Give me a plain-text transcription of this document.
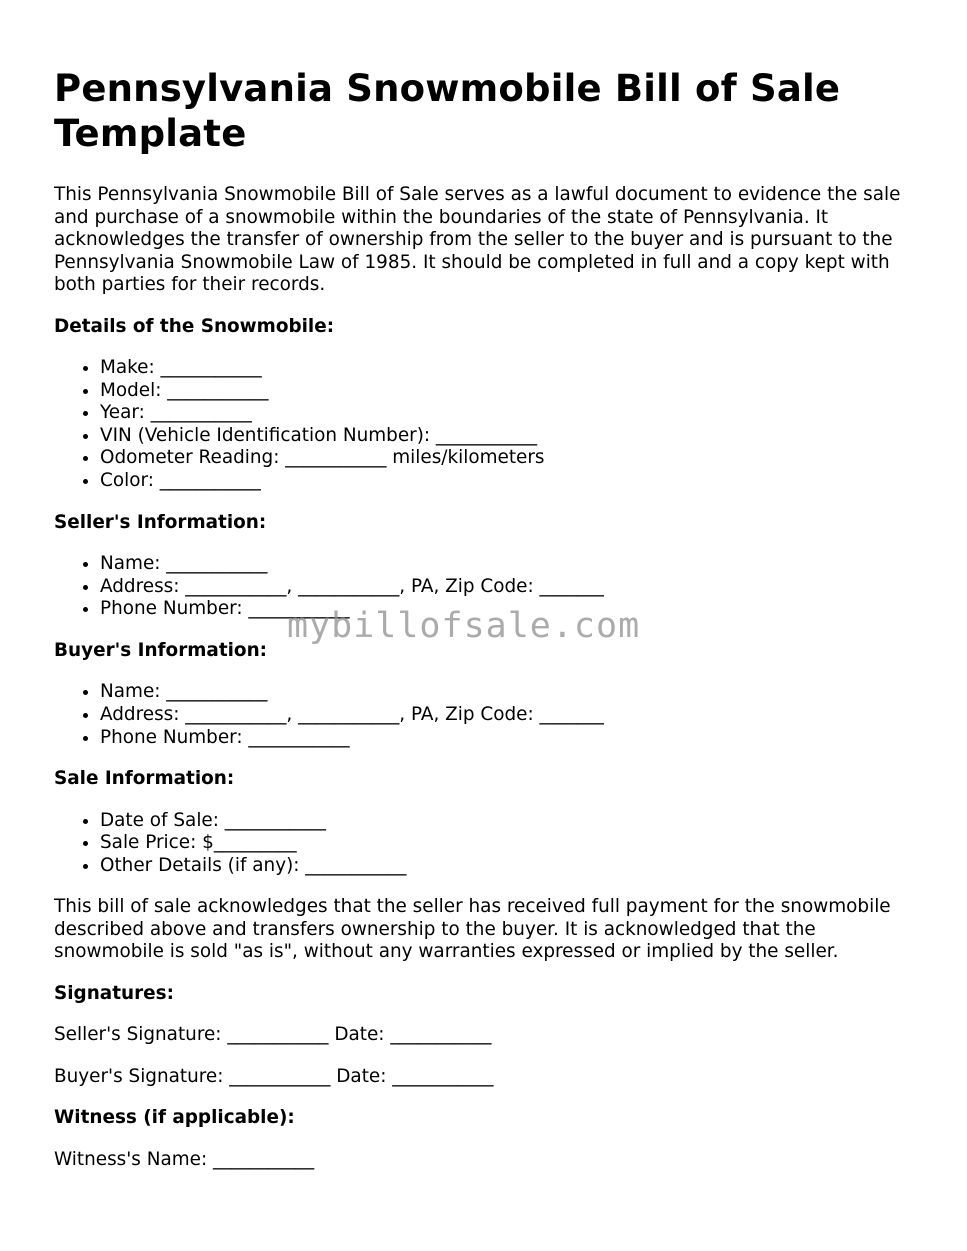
Pennsylvania Snowmobile Bill of Sale Template

This Pennsylvania Snowmobile Bill of Sale serves as a lawful document to evidence the sale and purchase of a snowmobile within the boundaries of the state of Pennsylvania. It acknowledges the transfer of ownership from the seller to the buyer and is pursuant to the Pennsylvania Snowmobile Law of 1985. It should be completed in full and a copy kept with both parties for their records.

Details of the Snowmobile:
• Make: ___________
• Model: ___________
• Year: ___________
• VIN (Vehicle Identification Number): ___________
• Odometer Reading: ___________ miles/kilometers
• Color: ___________
Seller's Information:
• Name: ___________
• Address: ___________, ___________, PA, Zip Code: _______
• Phone Number: ___________
Buyer's Information:
• Name: ___________
• Address: ___________, ___________, PA, Zip Code: _______
• Phone Number: ___________
Sale Information:
• Date of Sale: ___________
• Sale Price: $_________
• Other Details (if any): ___________

This bill of sale acknowledges that the seller has received full payment for the snowmobile described above and transfers ownership to the buyer. It is acknowledged that the snowmobile is sold "as is", without any warranties expressed or implied by the seller.

Signatures:

Seller's Signature: ___________ Date: ___________

Buyer's Signature: ___________ Date: ___________

Witness (if applicable):

Witness's Name: ___________

mybillofsale.com
